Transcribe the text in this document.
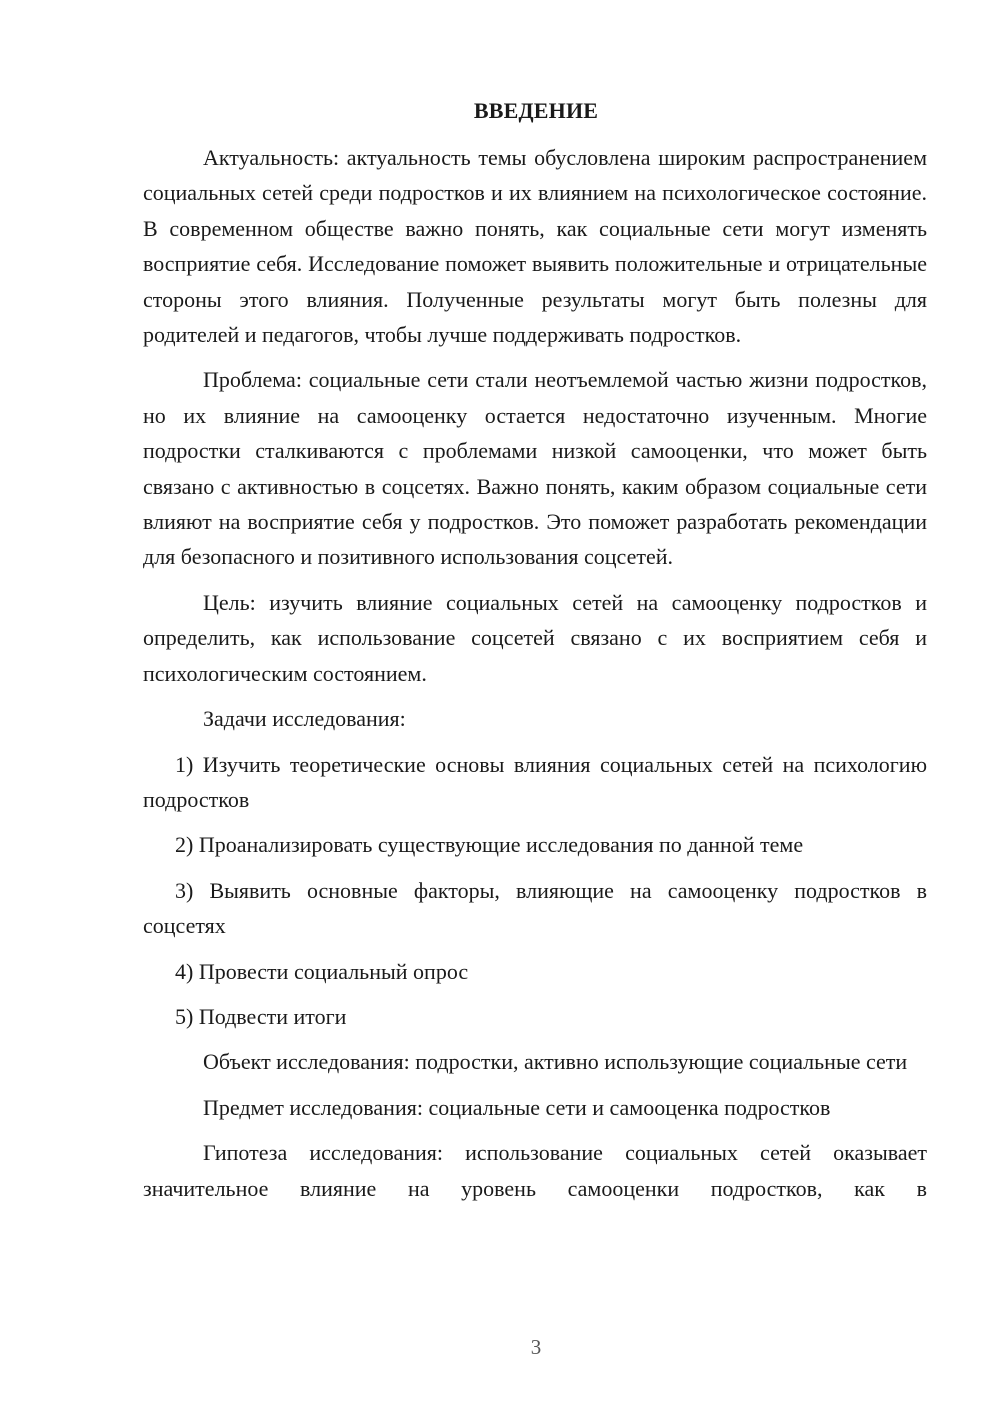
ВВЕДЕНИЕ

Актуальность: актуальность темы обусловлена широким распространением социальных сетей среди подростков и их влиянием на психологическое состояние. В современном обществе важно понять, как социальные сети могут изменять восприятие себя. Исследование поможет выявить положительные и отрицательные стороны этого влияния. Полученные результаты могут быть полезны для родителей и педагогов, чтобы лучше поддерживать подростков.

Проблема: социальные сети стали неотъемлемой частью жизни подростков, но их влияние на самооценку остается недостаточно изученным. Многие подростки сталкиваются с проблемами низкой самооценки, что может быть связано с активностью в соцсетях. Важно понять, каким образом социальные сети влияют на восприятие себя у подростков. Это поможет разработать рекомендации для безопасного и позитивного использования соцсетей.

Цель: изучить влияние социальных сетей на самооценку подростков и определить, как использование соцсетей связано с их восприятием себя и психологическим состоянием.

Задачи исследования:

1) Изучить теоретические основы влияния социальных сетей на психологию подростков

2) Проанализировать существующие исследования по данной теме

3) Выявить основные факторы, влияющие на самооценку подростков в соцсетях

4) Провести социальный опрос

5) Подвести итоги

Объект исследования: подростки, активно использующие социальные сети

Предмет исследования: социальные сети и самооценка подростков

Гипотеза исследования: использование социальных сетей оказывает значительное влияние на уровень самооценки подростков, как в

3
